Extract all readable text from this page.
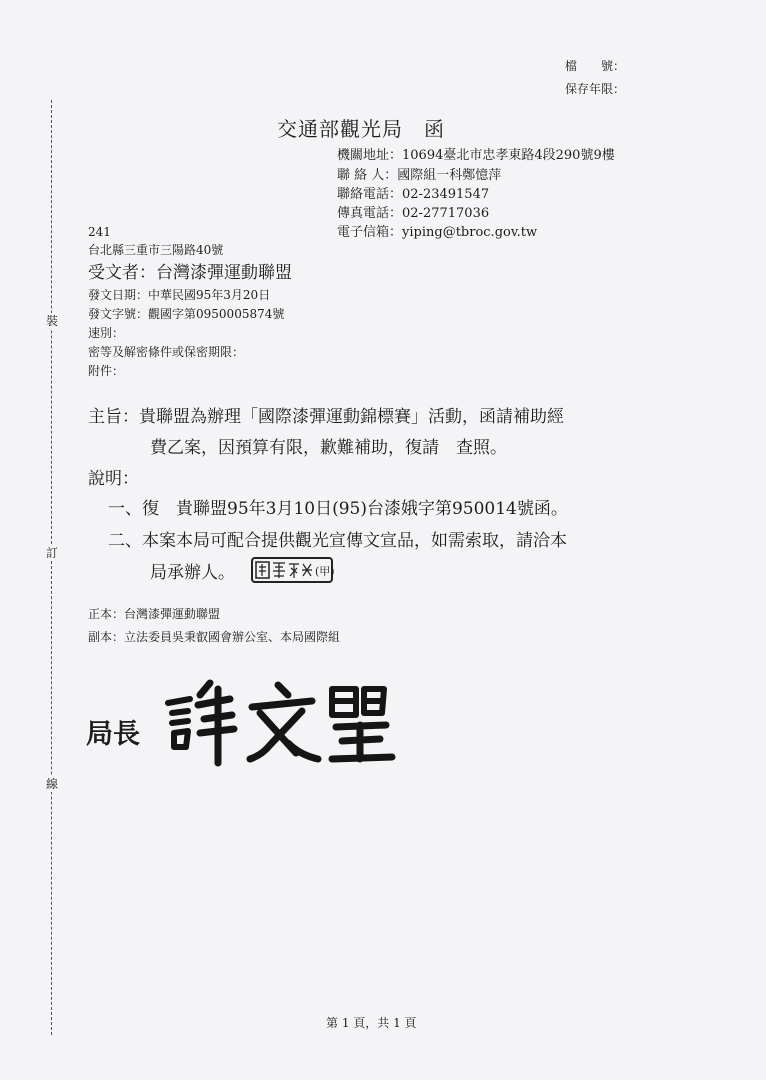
裝
訂
線
檔　　號：
保存年限：
交通部觀光局　函
機關地址：10694臺北市忠孝東路4段290號9樓
聯 絡 人：國際組一科鄭憶萍
聯絡電話：02-23491547
傳真電話：02-27717036
電子信箱：yiping@tbroc.gov.tw
241
台北縣三重市三陽路40號
受文者：台灣漆彈運動聯盟
發文日期：中華民國95年3月20日
發文字號：觀國字第0950005874號
速別：
密等及解密條件或保密期限：
附件：
主旨：貴聯盟為辦理「國際漆彈運動錦標賽」活動，函請補助經
費乙案，因預算有限，歉難補助，復請　查照。
說明：
一、復　貴聯盟95年3月10日(95)台漆娥字第950014號函。
二、本案本局可配合提供觀光宣傳文宣品，如需索取，請洽本
局承辦人。	(甲)
正本：台灣漆彈運動聯盟
副本：立法委員吳秉叡國會辦公室、本局國際組
局長
第 1 頁，共 1 頁
